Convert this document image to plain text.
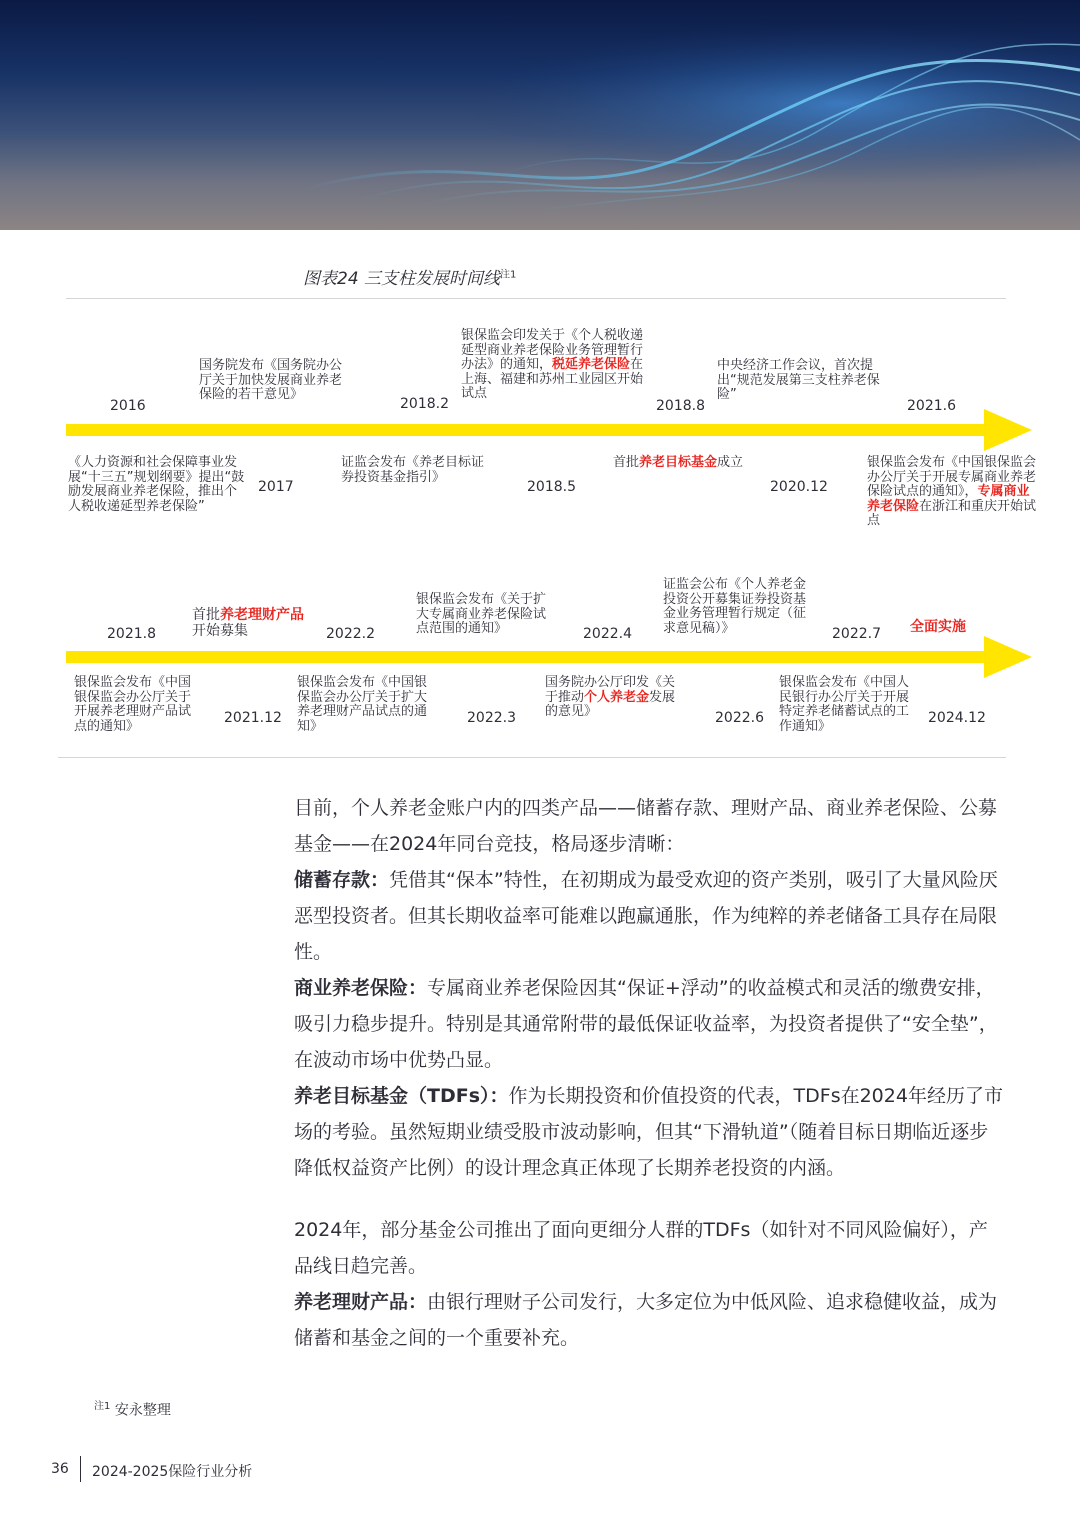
图表24 三支柱发展时间线$^{注1}$
2016
国务院发布《国务院办公厅关于加快发展商业养老保险的若干意见》
2018.2
银保监会印发关于《个人税收递延型商业养老保险业务管理暂行办法》的通知，税延养老保险在上海、福建和苏州工业园区开始试点
2018.8
中央经济工作会议，首次提出“规范发展第三支柱养老保险”
2021.6
《人力资源和社会保障事业发展“十三五”规划纲要》提出“鼓励发展商业养老保险，推出个人税收递延型养老保险”
2017
证监会发布《养老目标证券投资基金指引》
2018.5
首批养老目标基金成立
2020.12
银保监会发布《中国银保监会办公厅关于开展专属商业养老保险试点的通知》，专属商业养老保险在浙江和重庆开始试点
2021.8
首批养老理财产品开始募集	2022.2
银保监会发布《关于扩大专属商业养老保险试点范围的通知》	2022.4
证监会公布《个人养老金投资公开募集证券投资基金业务管理暂行规定（征求意见稿）》	2022.7 全面实施
银保监会发布《中国银保监会办公厅关于开展养老理财产品试点的通知》	2021.12
银保监会发布《中国银保监会办公厅关于扩大养老理财产品试点的通知》	2022.3
国务院办公厅印发《关于推动个人养老金发展的意见》	2022.6
银保监会发布《中国人民银行办公厅关于开展特定养老储蓄试点的工作通知》	2024.12

目前，个人养老金账户内的四类产品——储蓄存款、理财产品、商业养老保险、公募基金——在2024年同台竞技，格局逐步清晰：

储蓄存款：凭借其“保本”特性，在初期成为最受欢迎的资产类别，吸引了大量风险厌恶型投资者。但其长期收益率可能难以跑赢通胀，作为纯粹的养老储备工具存在局限性。

商业养老保险：专属商业养老保险因其“保证+浮动”的收益模式和灵活的缴费安排，吸引力稳步提升。特别是其通常附带的最低保证收益率，为投资者提供了“安全垫”，在波动市场中优势凸显。

养老目标基金（TDFs）：作为长期投资和价值投资的代表，TDFs在2024年经历了市场的考验。虽然短期业绩受股市波动影响，但其“下滑轨道”（随着目标日期临近逐步降低权益资产比例）的设计理念真正体现了长期养老投资的内涵。

2024年，部分基金公司推出了面向更细分人群的TDFs（如针对不同风险偏好），产品线日趋完善。

养老理财产品：由银行理财子公司发行，大多定位为中低风险、追求稳健收益，成为储蓄和基金之间的一个重要补充。

$^{注1}$ 安永整理
36 2024-2025保险行业分析
